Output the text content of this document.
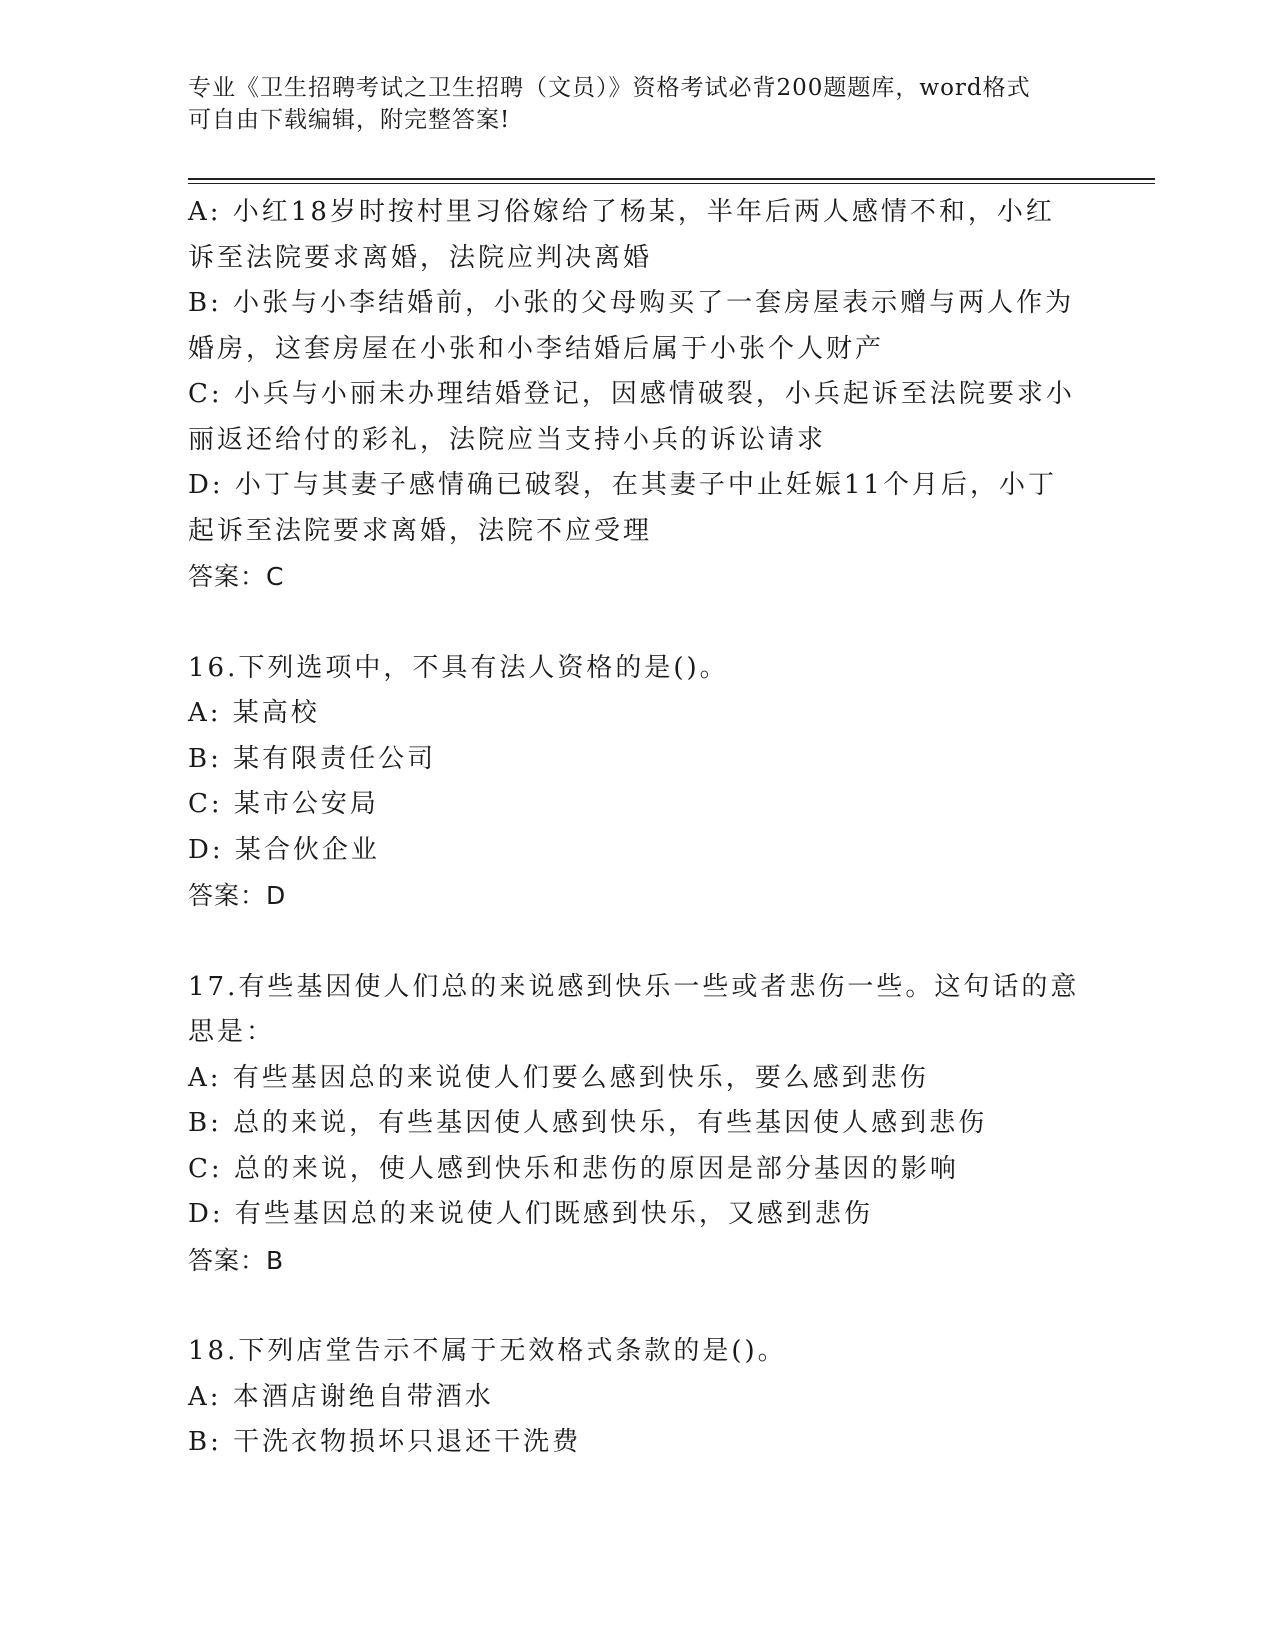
专业《卫生招聘考试之卫生招聘（文员）》资格考试必背200题题库，word格式
可自由下载编辑，附完整答案!
A: 小红18岁时按村里习俗嫁给了杨某，半年后两人感情不和，小红
诉至法院要求离婚，法院应判决离婚
B: 小张与小李结婚前，小张的父母购买了一套房屋表示赠与两人作为
婚房，这套房屋在小张和小李结婚后属于小张个人财产
C: 小兵与小丽未办理结婚登记，因感情破裂，小兵起诉至法院要求小
丽返还给付的彩礼，法院应当支持小兵的诉讼请求
D: 小丁与其妻子感情确已破裂，在其妻子中止妊娠11个月后，小丁
起诉至法院要求离婚，法院不应受理
答案：C
16.下列选项中，不具有法人资格的是()。
A: 某高校
B: 某有限责任公司
C: 某市公安局
D: 某合伙企业
答案：D
17.有些基因使人们总的来说感到快乐一些或者悲伤一些。这句话的意
思是：
A: 有些基因总的来说使人们要么感到快乐，要么感到悲伤
B: 总的来说，有些基因使人感到快乐，有些基因使人感到悲伤
C: 总的来说，使人感到快乐和悲伤的原因是部分基因的影响
D: 有些基因总的来说使人们既感到快乐，又感到悲伤
答案：B
18.下列店堂告示不属于无效格式条款的是()。
A: 本酒店谢绝自带酒水
B: 干洗衣物损坏只退还干洗费
